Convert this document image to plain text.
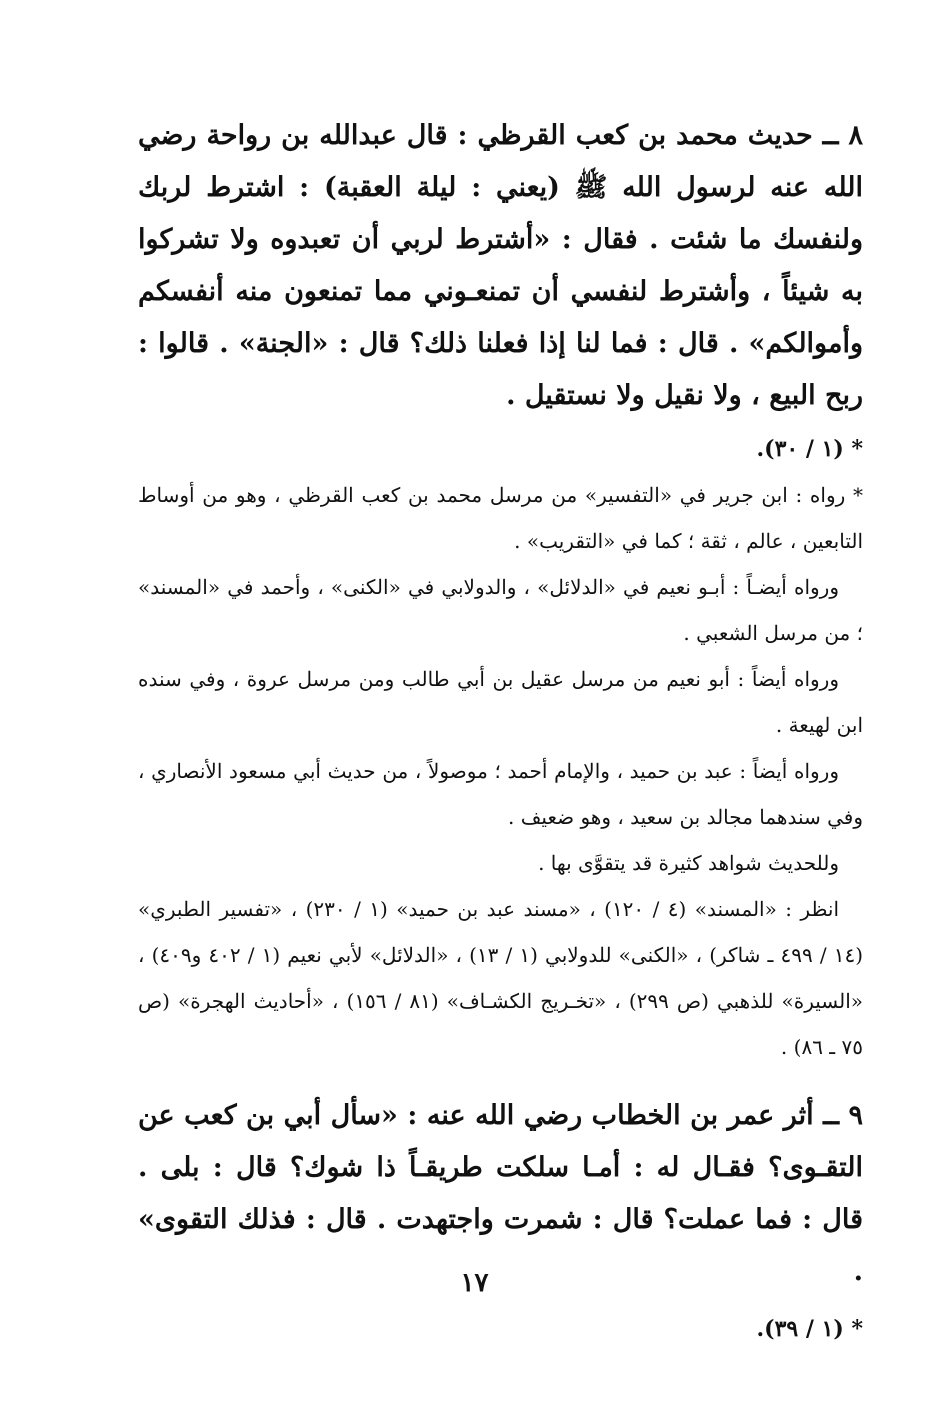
٨ ــ حديث محمد بن كعب القرظي : قال عبدالله بن رواحة رضي الله عنه لرسول الله ﷺ (يعني : ليلة العقبة) : اشترط لربك ولنفسك ما شئت . فقال : «أشترط لربي أن تعبدوه ولا تشركوا به شيئاً ، وأشترط لنفسي أن تمنعـوني مما تمنعون منه أنفسكم وأموالكم» . قال : فما لنا إذا فعلنا ذلك؟ قال : «الجنة» . قالوا : ربح البيع ، ولا نقيل ولا نستقيل .

* (١ / ٣٠).

* رواه : ابن جرير في «التفسير» من مرسل محمد بن كعب القرظي ، وهو من أوساط التابعين ، عالم ، ثقة ؛ كما في «التقريب» .

ورواه أيضـاً : أبـو نعيم في «الدلائل» ، والدولابي في «الكنى» ، وأحمد في «المسند» ؛ من مرسل الشعبي .

ورواه أيضاً : أبو نعيم من مرسل عقيل بن أبي طالب ومن مرسل عروة ، وفي سنده ابن لهيعة .

ورواه أيضاً : عبد بن حميد ، والإمام أحمد ؛ موصولاً ، من حديث أبي مسعود الأنصاري ، وفي سندهما مجالد بن سعيد ، وهو ضعيف .

وللحديث شواهد كثيرة قد يتقوَّى بها .

انظر : «المسند» (٤ / ١٢٠) ، «مسند عبد بن حميد» (١ / ٢٣٠) ، «تفسير الطبري» (١٤ / ٤٩٩ ـ شاكر) ، «الكنى» للدولابي (١ / ١٣) ، «الدلائل» لأبي نعيم (١ / ٤٠٢ و٤٠٩) ، «السيرة» للذهبي (ص ٢٩٩) ، «تخـريج الكشـاف» (٨١ / ١٥٦) ، «أحاديث الهجرة» (ص ٧٥ ـ ٨٦) .

٩ ــ أثر عمر بن الخطاب رضي الله عنه : «سأل أبي بن كعب عن التقـوى؟ فقـال له : أمـا سلكت طريقـاً ذا شوك؟ قال : بلى . قال : فما عملت؟ قال : شمرت واجتهدت . قال : فذلك التقوى» .

* (١ / ٣٩).

١٧
